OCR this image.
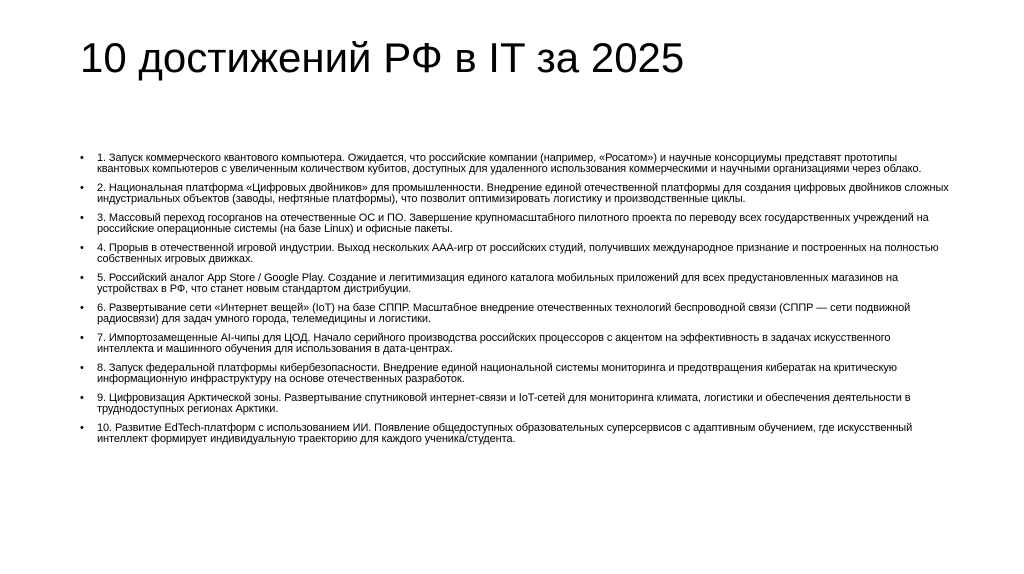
10 достижений РФ в IT за 2025
• 1. Запуск коммерческого квантового компьютера. Ожидается, что российские компании (например, «Росатом») и научные консорциумы представят прототипы квантовых компьютеров с увеличенным количеством кубитов, доступных для удаленного использования коммерческими и научными организациями через облако.
• 2. Национальная платформа «Цифровых двойников» для промышленности. Внедрение единой отечественной платформы для создания цифровых двойников сложных индустриальных объектов (заводы, нефтяные платформы), что позволит оптимизировать логистику и производственные циклы.
• 3. Массовый переход госорганов на отечественные ОС и ПО. Завершение крупномасштабного пилотного проекта по переводу всех государственных учреждений на российские операционные системы (на базе Linux) и офисные пакеты.
• 4. Прорыв в отечественной игровой индустрии. Выход нескольких AAA-игр от российских студий, получивших международное признание и построенных на полностью собственных игровых движках.
• 5. Российский аналог App Store / Google Play. Создание и легитимизация единого каталога мобильных приложений для всех предустановленных магазинов на устройствах в РФ, что станет новым стандартом дистрибуции.
• 6. Развертывание сети «Интернет вещей» (IoT) на базе СППР. Масштабное внедрение отечественных технологий беспроводной связи (СППР — сети подвижной радиосвязи) для задач умного города, телемедицины и логистики.
• 7. Импортозамещенные AI-чипы для ЦОД. Начало серийного производства российских процессоров с акцентом на эффективность в задачах искусственного интеллекта и машинного обучения для использования в дата-центрах.
• 8. Запуск федеральной платформы кибербезопасности. Внедрение единой национальной системы мониторинга и предотвращения кибератак на критическую информационную инфраструктуру на основе отечественных разработок.
• 9. Цифровизация Арктической зоны. Развертывание спутниковой интернет-связи и IoT-сетей для мониторинга климата, логистики и обеспечения деятельности в труднодоступных регионах Арктики.
• 10. Развитие EdTech-платформ с использованием ИИ. Появление общедоступных образовательных суперсервисов с адаптивным обучением, где искусственный интеллект формирует индивидуальную траекторию для каждого ученика/студента.
